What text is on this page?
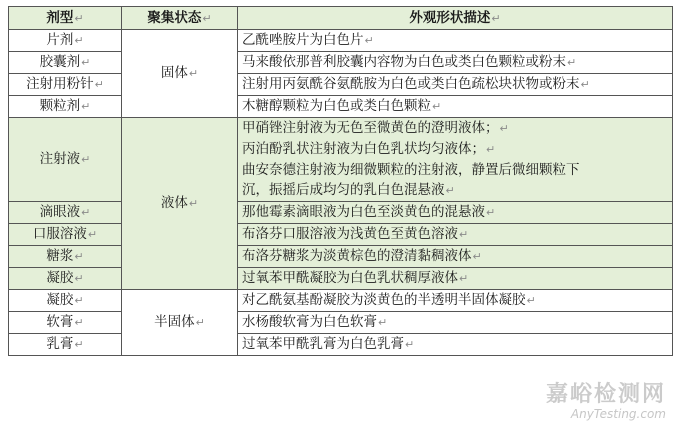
剂型↵	聚集状态↵	外观形状描述↵
片剂↵	固体↵	乙酰唑胺片为白色片↵

胶囊剂↵		马来酸依那普利胶囊内容物为白色或类白色颗粒或粉末↵

注射用粉针↵		注射用丙氨酰谷氨酰胺为白色或类白色疏松块状物或粉末↵

颗粒剂↵		木糖醇颗粒为白色或类白色颗粒↵

注射液↵	液体↵	甲硝锉注射液为无色至微黄色的澄明液体；↵
丙泊酚乳状注射液为白色乳状均匀液体；↵
曲安奈德注射液为细微颗粒的注射液，静置后微细颗粒下
沉，振摇后成均匀的乳白色混悬液↵

滴眼液↵		那他霉素滴眼液为白色至淡黄色的混悬液↵

口服溶液↵		布洛芬口服溶液为浅黄色至黄色溶液↵

糖浆↵		布洛芬糖浆为淡黄棕色的澄清黏稠液体↵

凝胶↵		过氧苯甲酰凝胶为白色乳状稠厚液体↵

凝胶↵	半固体↵	对乙酰氨基酚凝胶为淡黄色的半透明半固体凝胶↵

软膏↵		水杨酸软膏为白色软膏↵

乳膏↵		过氧苯甲酰乳膏为白色乳膏↵
嘉峪检测网
AnyTesting.com
